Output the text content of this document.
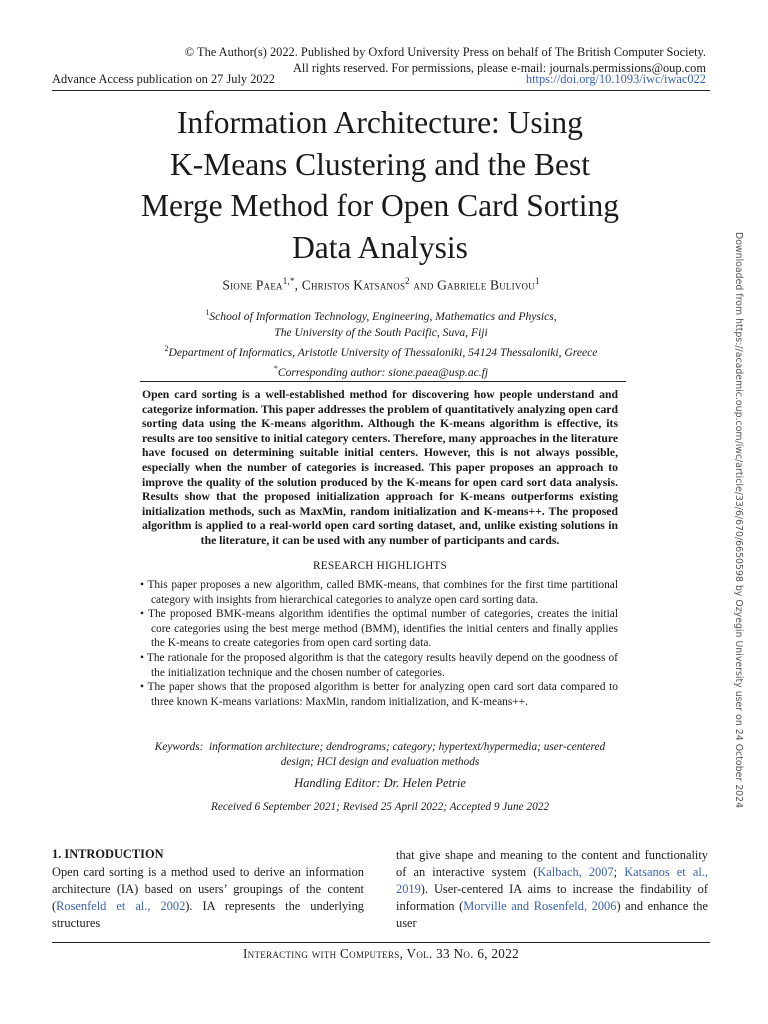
© The Author(s) 2022. Published by Oxford University Press on behalf of The British Computer Society.
All rights reserved. For permissions, please e-mail: journals.permissions@oup.com
Advance Access publication on 27 July 2022	https://doi.org/10.1093/iwc/iwac022
Information Architecture: Using
K-Means Clustering and the Best
Merge Method for Open Card Sorting
Data Analysis
Sione Paea$^{1,*}$, Christos Katsanos$^2$ and Gabriele Bulivou$^1$
$^1$School of Information Technology, Engineering, Mathematics and Physics,
The University of the South Pacific, Suva, Fiji
$^2$Department of Informatics, Aristotle University of Thessaloniki, 54124 Thessaloniki, Greece
*Corresponding author: sione.paea@usp.ac.fj

Open card sorting is a well-established method for discovering how people understand and categorize information. This paper addresses the problem of quantitatively analyzing open card sorting data using the K-means algorithm. Although the K-means algorithm is effective, its results are too sensitive to initial category centers. Therefore, many approaches in the literature have focused on determining suitable initial centers. However, this is not always possible, especially when the number of categories is increased. This paper proposes an approach to improve the quality of the solution produced by the K-means for open card sort data analysis. Results show that the proposed initialization approach for K-means outperforms existing initialization methods, such as MaxMin, random initialization and K-means++. The proposed algorithm is applied to a real-world open card sorting dataset, and, unlike existing solutions in the literature, it can be used with any number of participants and cards.

RESEARCH HIGHLIGHTS
• This paper proposes a new algorithm, called BMK-means, that combines for the first time partitional category with insights from hierarchical categories to analyze open card sorting data.
• The proposed BMK-means algorithm identifies the optimal number of categories, creates the initial core categories using the best merge method (BMM), identifies the initial centers and finally applies the K-means to create categories from open card sorting data.
• The rationale for the proposed algorithm is that the category results heavily depend on the goodness of the initialization technique and the chosen number of categories.
• The paper shows that the proposed algorithm is better for analyzing open card sort data compared to three known K-means variations: MaxMin, random initialization, and K-means++.
Keywords: information architecture; dendrograms; category; hypertext/hypermedia; user-centered design; HCI design and evaluation methods
Handling Editor: Dr. Helen Petrie
Received 6 September 2021; Revised 25 April 2022; Accepted 9 June 2022
1. INTRODUCTION

Open card sorting is a method used to derive an information architecture (IA) based on users’ groupings of the content (Rosenfeld et al., 2002). IA represents the underlying structures

that give shape and meaning to the content and functionality of an interactive system (Kalbach, 2007; Katsanos et al., 2019). User-centered IA aims to increase the findability of information (Morville and Rosenfeld, 2006) and enhance the user

Interacting with Computers, Vol. 33 No. 6, 2022
Downloaded from https://academic.oup.com/iwc/article/33/6/670/6650598 by Ozyegin University user on 24 October 2024
